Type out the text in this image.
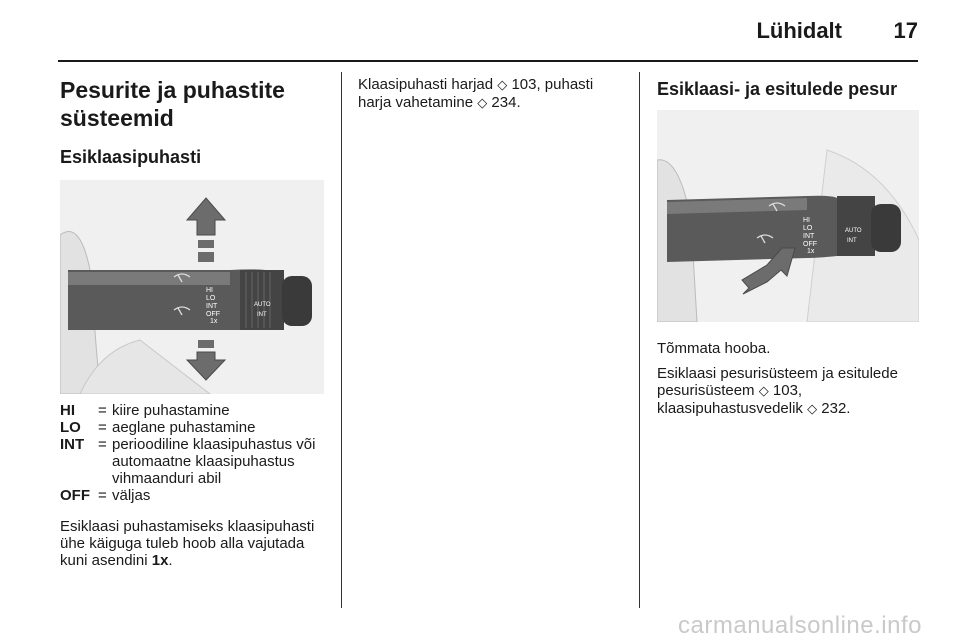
Lühidalt 17
Pesurite ja puhastite süsteemid
Esiklaasipuhasti
HI
LO
INT
OFF
1x
AUTO
INT
HI	= kiire puhastamine
LO	= aeglane puhastamine
INT = perioodiline klaasipuhastus või automaatne klaasipuhastus vihmaanduri abil
OFF = väljas

Esiklaasi puhastamiseks klaasipuhasti ühe käiguga tuleb hoob alla vajutada kuni asendini 1x.

Klaasipuhasti harjad ◇ 103, puhasti
harja vahetamine ◇ 234.

Esiklaasi- ja esitulede pesur
HI
LO
INT
OFF
1x
AUTO
INT

Tõmmata hooba.

Esiklaasi pesurisüsteem ja esitulede
pesurisüsteem ◇ 103,
klaasipuhastusvedelik ◇ 232.

carmanualsonline.info
